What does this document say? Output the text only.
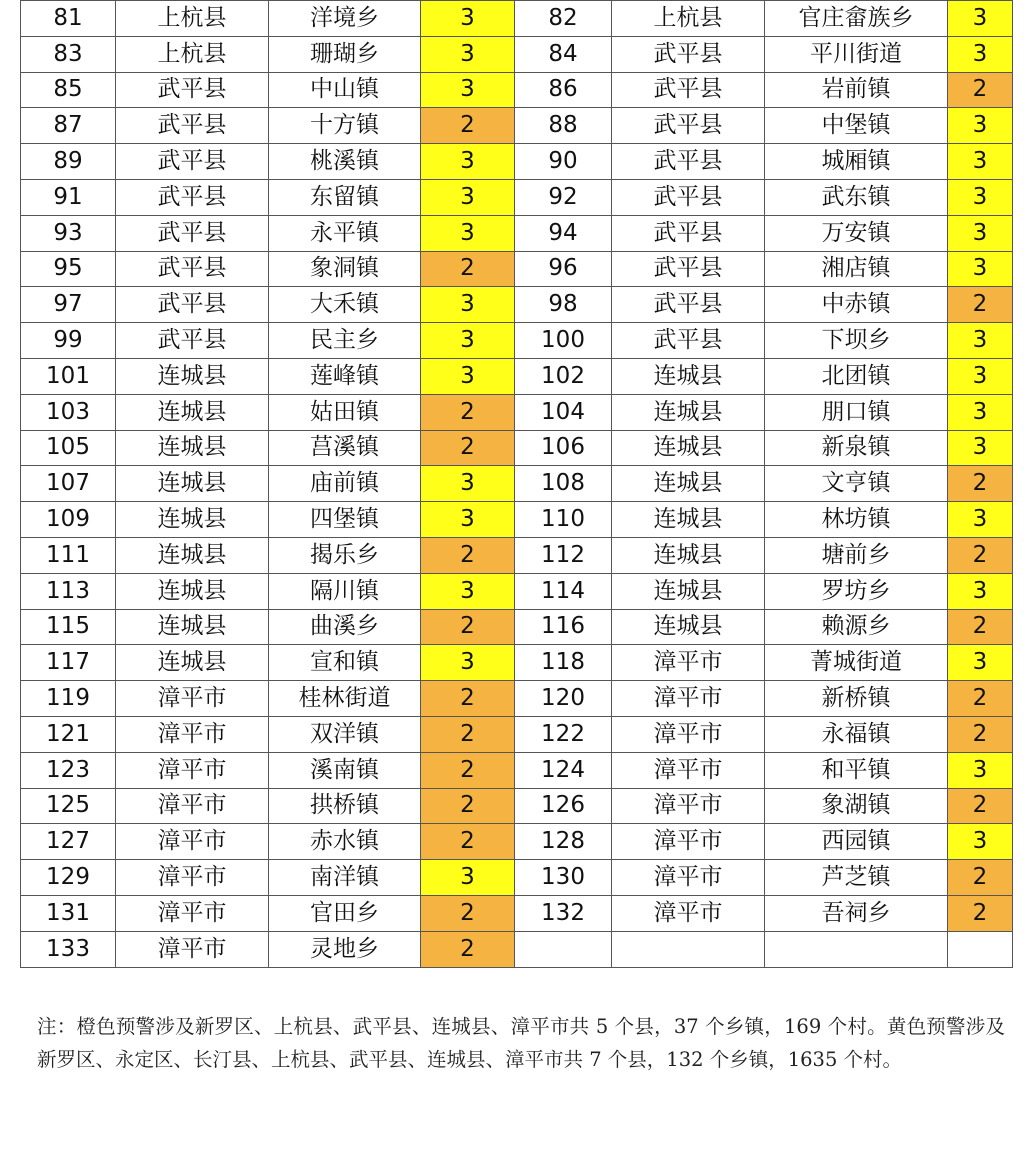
81	上杭县	洋境乡	3	82	上杭县	官庄畲族乡	3
83	上杭县	珊瑚乡	3	84	武平县	平川街道	3
85	武平县	中山镇	3	86	武平县	岩前镇	2
87	武平县	十方镇	2	88	武平县	中堡镇	3
89	武平县	桃溪镇	3	90	武平县	城厢镇	3
91	武平县	东留镇	3	92	武平县	武东镇	3
93	武平县	永平镇	3	94	武平县	万安镇	3
95	武平县	象洞镇	2	96	武平县	湘店镇	3
97	武平县	大禾镇	3	98	武平县	中赤镇	2
99	武平县	民主乡	3	100	武平县	下坝乡	3
101	连城县	莲峰镇	3	102	连城县	北团镇	3
103	连城县	姑田镇	2	104	连城县	朋口镇	3
105	连城县	莒溪镇	2	106	连城县	新泉镇	3
107	连城县	庙前镇	3	108	连城县	文亨镇	2
109	连城县	四堡镇	3	110	连城县	林坊镇	3
111	连城县	揭乐乡	2	112	连城县	塘前乡	2
113	连城县	隔川镇	3	114	连城县	罗坊乡	3
115	连城县	曲溪乡	2	116	连城县	赖源乡	2
117	连城县	宣和镇	3	118	漳平市	菁城街道	3
119	漳平市	桂林街道	2	120	漳平市	新桥镇	2
121	漳平市	双洋镇	2	122	漳平市	永福镇	2
123	漳平市	溪南镇	2	124	漳平市	和平镇	3
125	漳平市	拱桥镇	2	126	漳平市	象湖镇	2
127	漳平市	赤水镇	2	128	漳平市	西园镇	3
129	漳平市	南洋镇	3	130	漳平市	芦芝镇	2
131	漳平市	官田乡	2	132	漳平市	吾祠乡	2
133	漳平市	灵地乡	2				

注：橙色预警涉及新罗区、上杭县、武平县、连城县、漳平市共 5 个县，37 个乡镇，169 个村。黄色预警涉及新罗区、永定区、长汀县、上杭县、武平县、连城县、漳平市共 7 个县，132 个乡镇，1635 个村。
